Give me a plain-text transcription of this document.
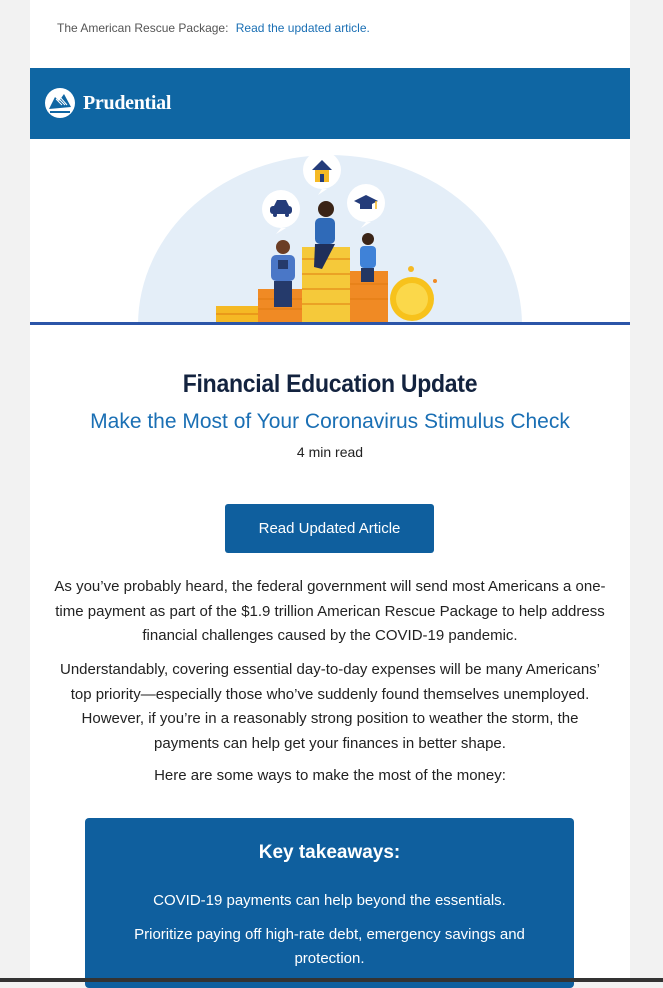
The American Rescue Package: Read the updated article.
Prudential
Financial Education Update
Make the Most of Your Coronavirus Stimulus Check
4 min read
Read Updated Article

As you’ve probably heard, the federal government will send most Americans a one-time payment as part of the $1.9 trillion American Rescue Package to help address financial challenges caused by the COVID-19 pandemic.

Understandably, covering essential day-to-day expenses will be many Americans’ top priority—especially those who’ve suddenly found themselves unemployed. However, if you’re in a reasonably strong position to weather the storm, the payments can help get your finances in better shape.

Here are some ways to make the most of the money:

Key takeaways:

COVID-19 payments can help beyond the essentials.

Prioritize paying off high-rate debt, emergency savings and protection.
